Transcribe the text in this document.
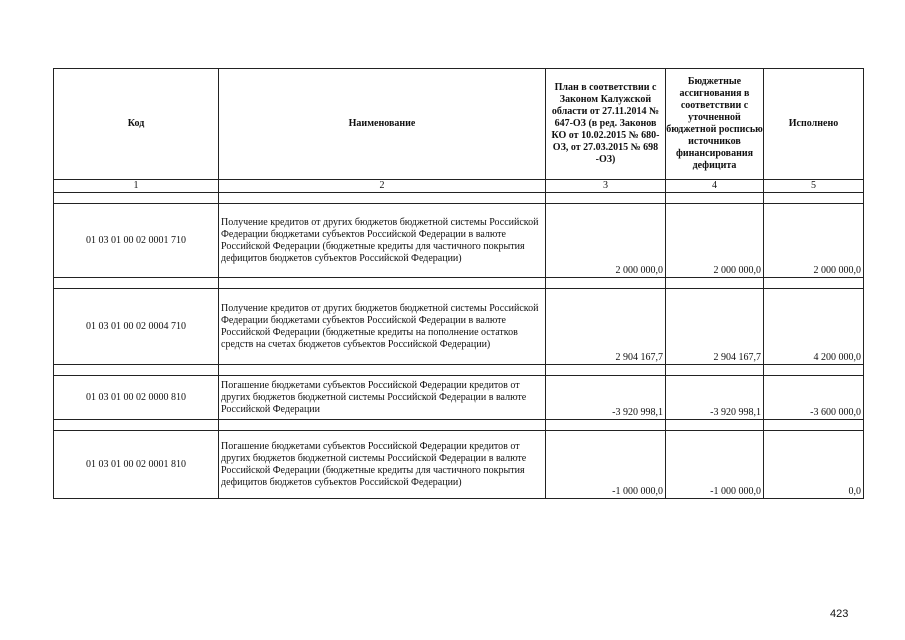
Код	Наименование	План в соответствии с Законом Калужской области от 27.11.2014 № 647-ОЗ (в ред. Законов КО от 10.02.2015 № 680-ОЗ, от 27.03.2015 № 698 -ОЗ)	Бюджетные ассигнования в соответствии с уточненной бюджетной росписью источников финансирования дефицита	Исполнено
1	2	3	4	5

01 03 01 00 02 0001 710	Получение кредитов от других бюджетов бюджетной системы Российской Федерации бюджетами субъектов Российской Федерации в валюте Российской Федерации (бюджетные кредиты для частичного покрытия дефицитов бюджетов субъектов Российской Федерации)	2 000 000,0	2 000 000,0	2 000 000,0

01 03 01 00 02 0004 710	Получение кредитов от других бюджетов бюджетной системы Российской Федерации бюджетами субъектов Российской Федерации в валюте Российской Федерации (бюджетные кредиты на пополнение остатков средств на счетах бюджетов субъектов Российской Федерации)	2 904 167,7	2 904 167,7	4 200 000,0

01 03 01 00 02 0000 810	Погашение бюджетами субъектов Российской Федерации кредитов от других бюджетов бюджетной системы Российской Федерации в валюте Российской Федерации	-3 920 998,1	-3 920 998,1	-3 600 000,0

01 03 01 00 02 0001 810	Погашение бюджетами субъектов Российской Федерации кредитов от других бюджетов бюджетной системы Российской Федерации в валюте Российской Федерации (бюджетные кредиты для частичного покрытия дефицитов бюджетов субъектов Российской Федерации)	-1 000 000,0	-1 000 000,0	0,0
423
